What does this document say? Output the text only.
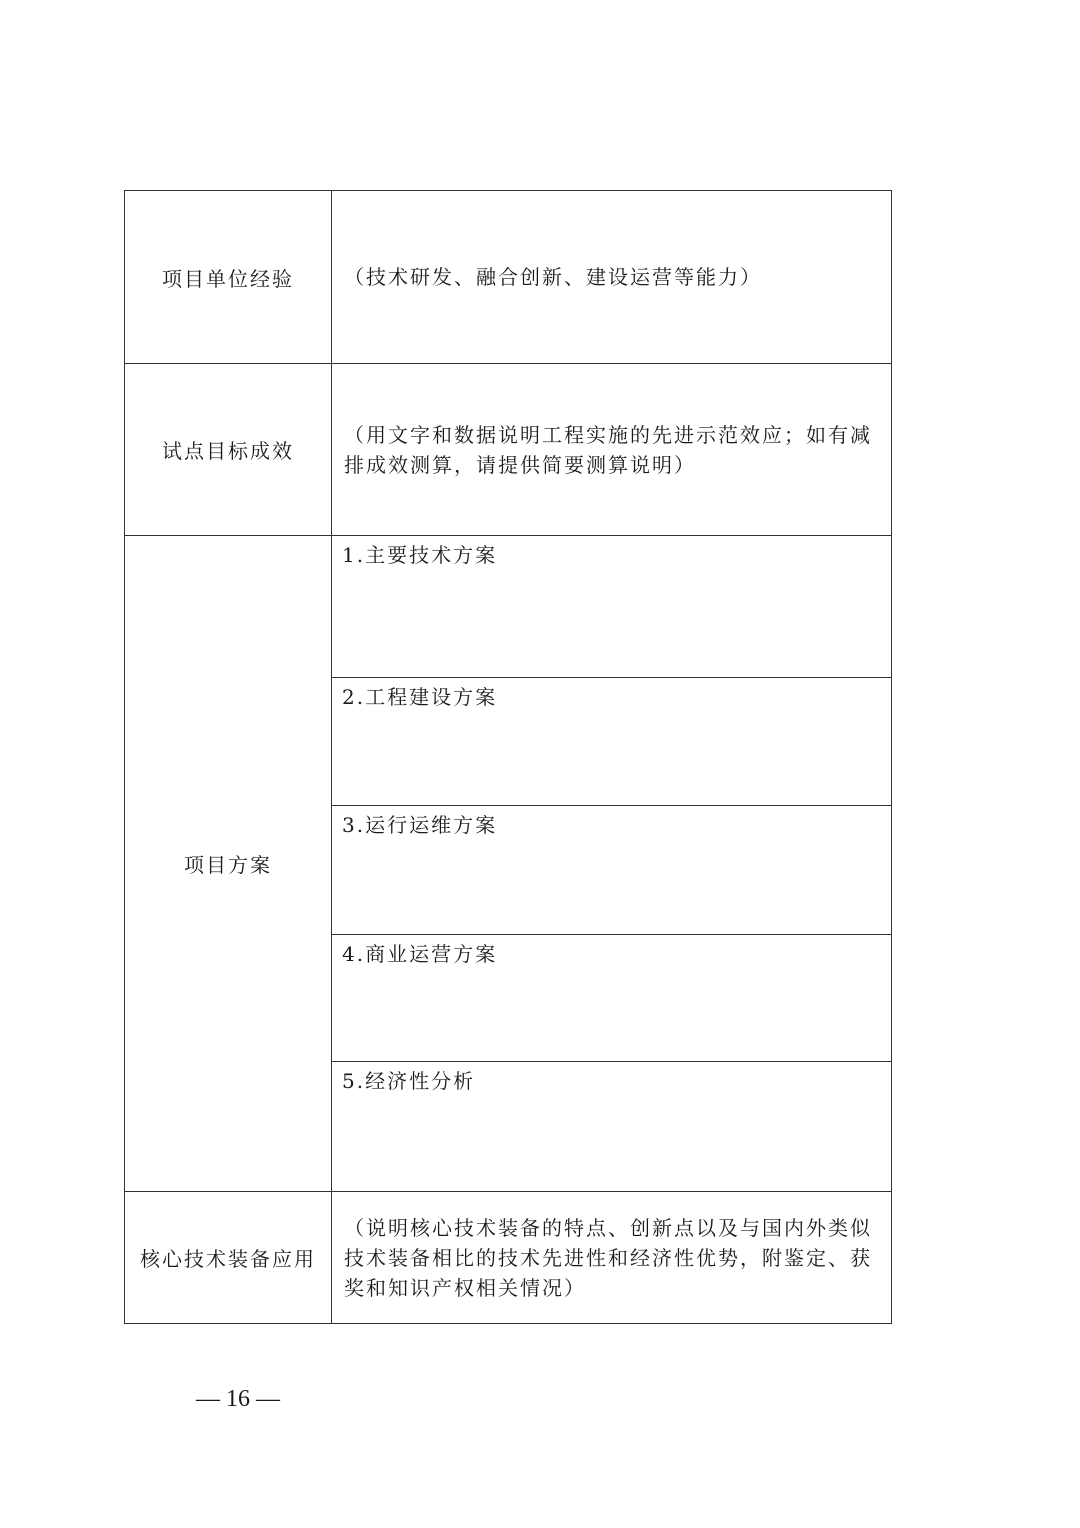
项目单位经验	（技术研发、融合创新、建设运营等能力）
试点目标成效	（用文字和数据说明工程实施的先进示范效应；如有减排成效测算，请提供简要测算说明）
项目方案	1.主要技术方案
	2.工程建设方案
	3.运行运维方案
	4.商业运营方案
	5.经济性分析
核心技术装备应用	（说明核心技术装备的特点、创新点以及与国内外类似技术装备相比的技术先进性和经济性优势，附鉴定、获奖和知识产权相关情况）
— 16 —
